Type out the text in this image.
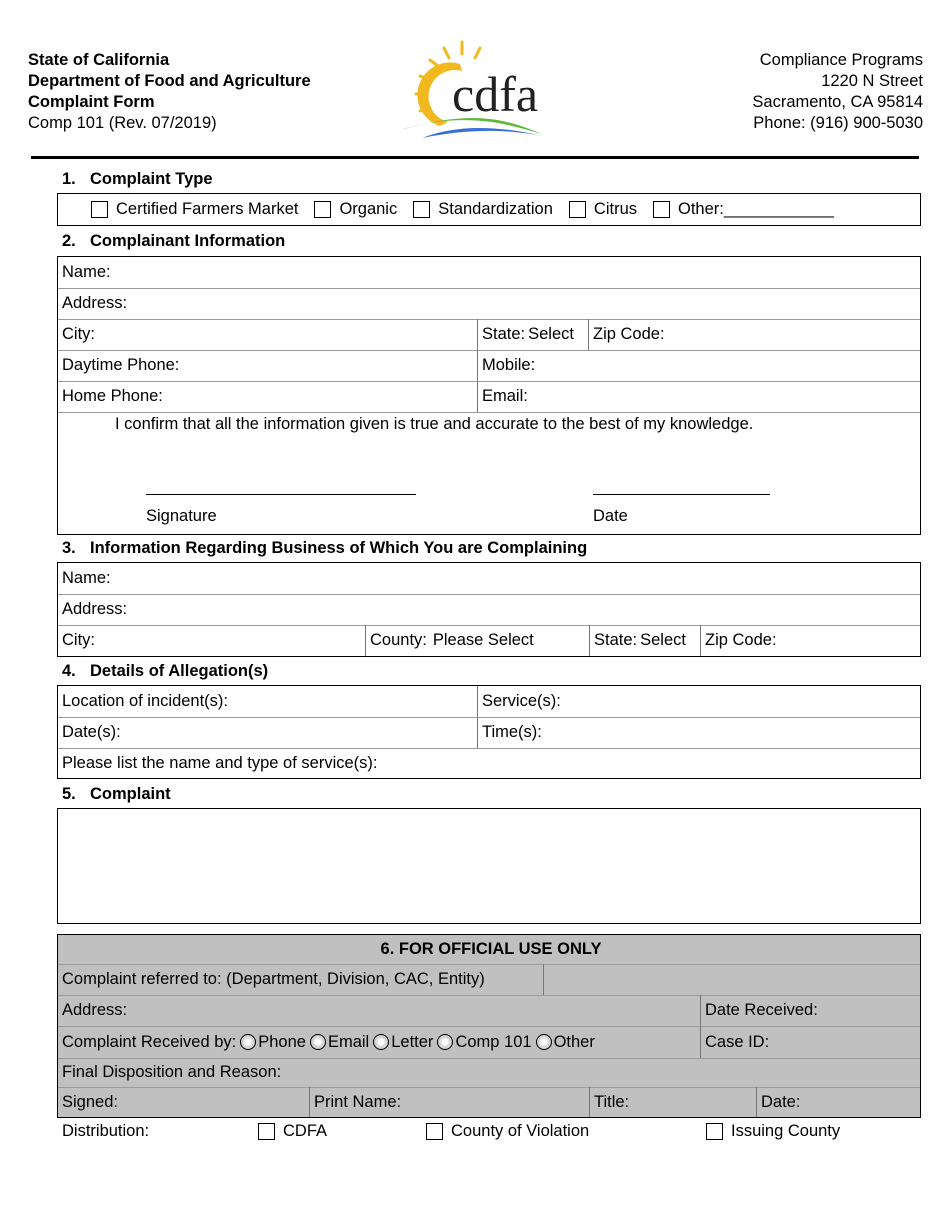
State of California
Department of Food and Agriculture
Complaint Form
Comp 101 (Rev. 07/2019)
cdfa
Compliance Programs
1220 N Street
Sacramento, CA 95814
Phone: (916) 900-5030
1. Complaint Type
Certified Farmers Market	Organic	Standardization	Citrus	Other:____________
2. Complainant Information
Name:
Address:
City:	State: Select	Zip Code:
Daytime Phone:	Mobile:
Home Phone:	Email:
I confirm that all the information given is true and accurate to the best of my knowledge.
Signature	Date
3. Information Regarding Business of Which You are Complaining
Name:
Address:
City:	County: Please Select	State: Select	Zip Code:
4. Details of Allegation(s)
Location of incident(s):	Service(s):
Date(s):	Time(s):
Please list the name and type of service(s):
5. Complaint
6. FOR OFFICIAL USE ONLY
Complaint referred to: (Department, Division, CAC, Entity)
Address:	Date Received:
Complaint Received by:	Phone	Email	Letter	Comp 101	Other	Case ID:
Final Disposition and Reason:
Signed:	Print Name:	Title:	Date:
Distribution:	CDFA	County of Violation	Issuing County
